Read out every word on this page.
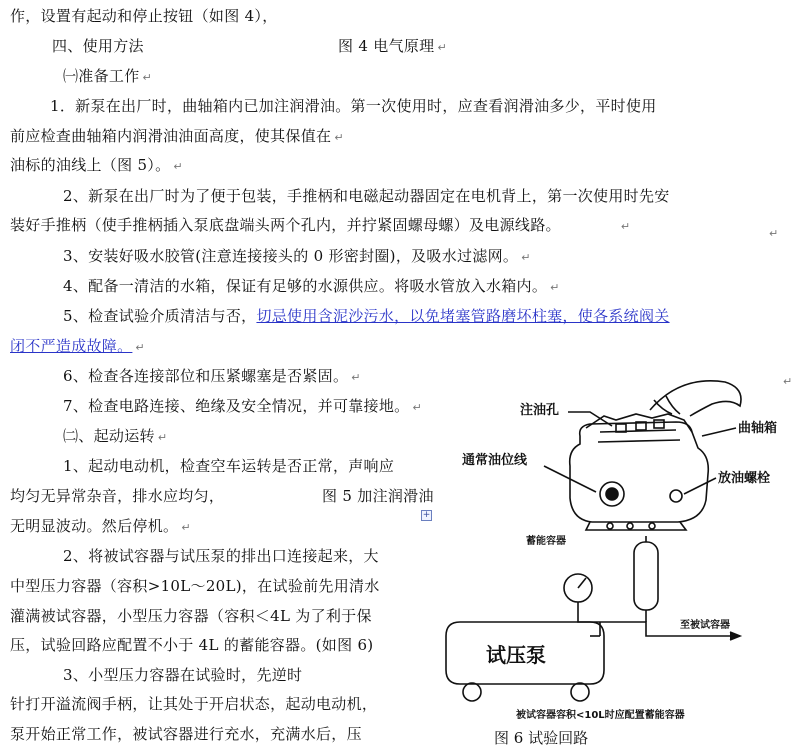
作，设置有起动和停止按钮（如图 4），
四、使用方法	图 4 电气原理 ↵
㈠准备工作 ↵
1．新泵在出厂时，曲轴箱内已加注润滑油。第一次使用时，应查看润滑油多少，平时使用
前应检查曲轴箱内润滑油油面高度，使其保值在 ↵
油标的油线上（图 5）。 ↵
2、新泵在出厂时为了便于包装，手推柄和电磁起动器固定在电机背上，第一次使用时先安
装好手推柄（使手推柄插入泵底盘端头两个孔内，并拧紧固螺母螺）及电源线路。	↵
3、安装好吸水胶管(注意连接接头的 0 形密封圈)，及吸水过滤网。 ↵
4、配备一清洁的水箱，保证有足够的水源供应。将吸水管放入水箱内。 ↵
5、检查试验介质清洁与否，切忌使用含泥沙污水，以免堵塞管路磨坏柱塞，使各系统阀关
闭不严造成故障。 ↵
6、检查各连接部位和压紧螺塞是否紧固。 ↵
7、检查电路连接、绝缘及安全情况，并可靠接地。 ↵
㈡、起动运转 ↵
1、起动电动机，检查空车运转是否正常，声响应
均匀无异常杂音，排水应均匀，	图 5 加注润滑油
无明显波动。然后停机。 ↵
2、将被试容器与试压泵的排出口连接起来，大
中型压力容器（容积>10L～20L)，在试验前先用清水
灌满被试容器，小型压力容器（容积＜4L 为了利于保
压，试验回路应配置不小于 4L 的蓄能容器。(如图 6)
3、小型压力容器在试验时，先逆时
针打开溢流阀手柄，让其处于开启状态，起动电动机，
泵开始正常工作，被试容器进行充水，充满水后，压
+
注油孔
曲轴箱
通常油位线
放油螺栓
蓄能容器
至被试容器
试压泵
被试容器容积<10L时应配置蓄能容器
图 6 试验回路
↵
↵
